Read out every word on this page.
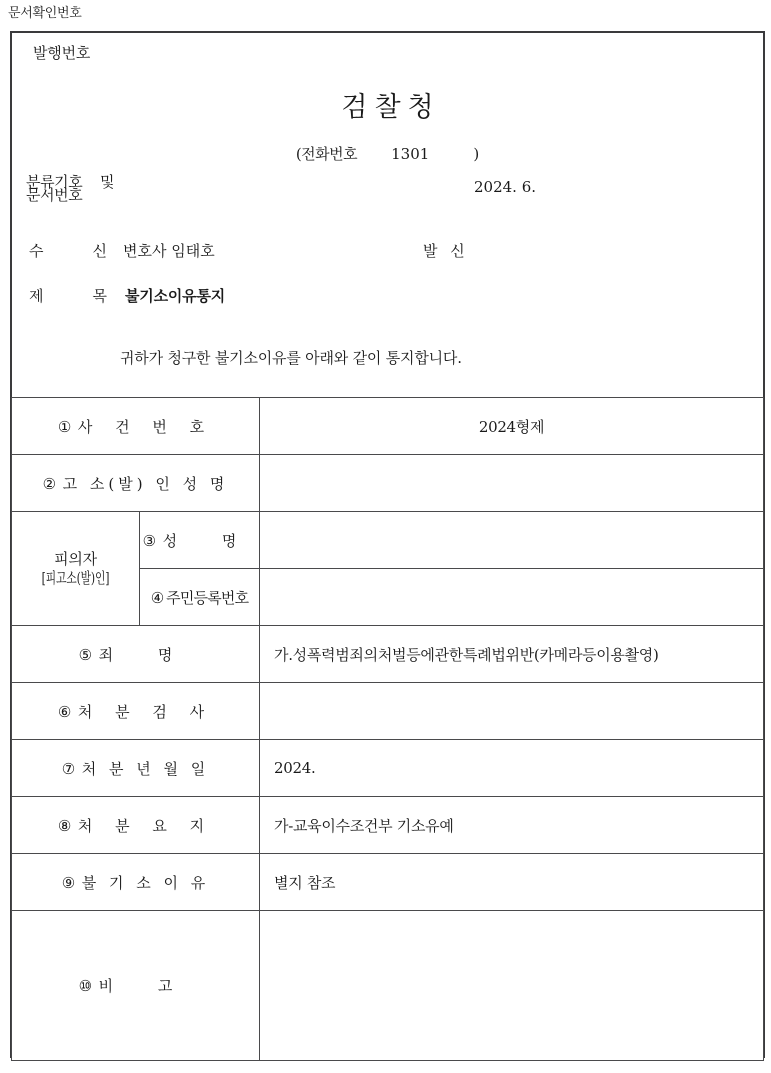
문서확인번호
발행번호
검찰청
(전화번호 1301	)
분류기호
문서번호
및	2024. 6.
수	신 변호사 임태호	발 신
제	목 불기소이유통지
귀하가 청구한 불기소이유를 아래와 같이 통지합니다.
① 사 건 번 호		2024형제
② 고 소(발) 인 성 명		

피의자
[피고소(발)인]	③ 성 명	
	④주민등록번호	
⑤ 죄 명		가.성폭력범죄의처벌등에관한특례법위반(카메라등이용촬영)
⑥ 처 분 검 사		
⑦ 처 분 년 월 일		2024.
⑧ 처 분 요 지		가-교육이수조건부 기소유예
⑨ 불 기 소 이 유		별지 참조
⑩ 비 고		
